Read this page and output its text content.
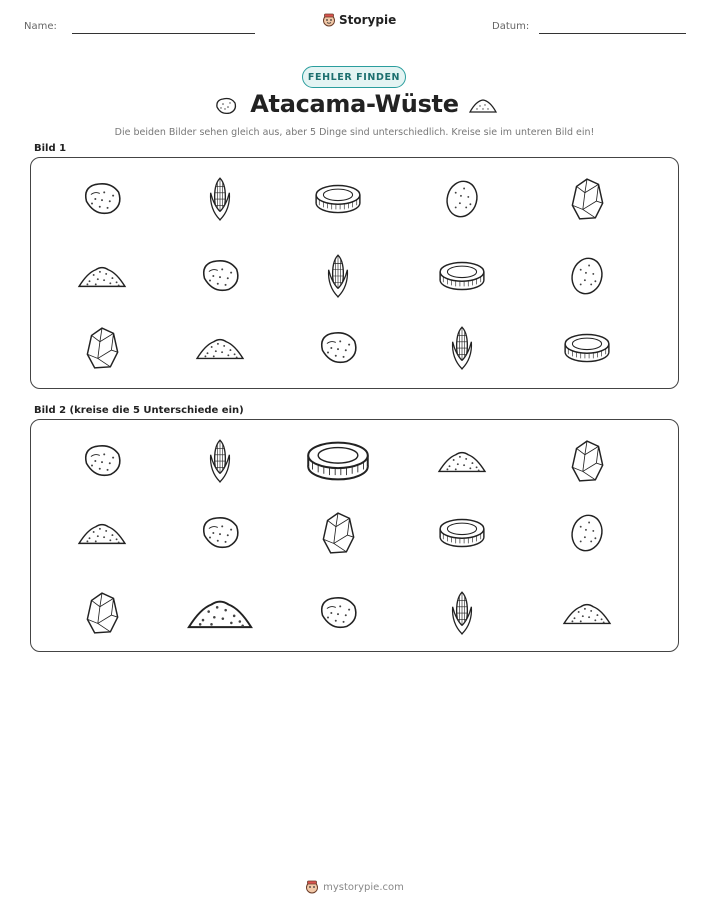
Name:	Storypie	Datum:
FEHLER FINDEN
Atacama-Wüste
Die beiden Bilder sehen gleich aus, aber 5 Dinge sind unterschiedlich. Kreise sie im unteren Bild ein!
Bild 1
Bild 2 (kreise die 5 Unterschiede ein)
mystorypie.com
